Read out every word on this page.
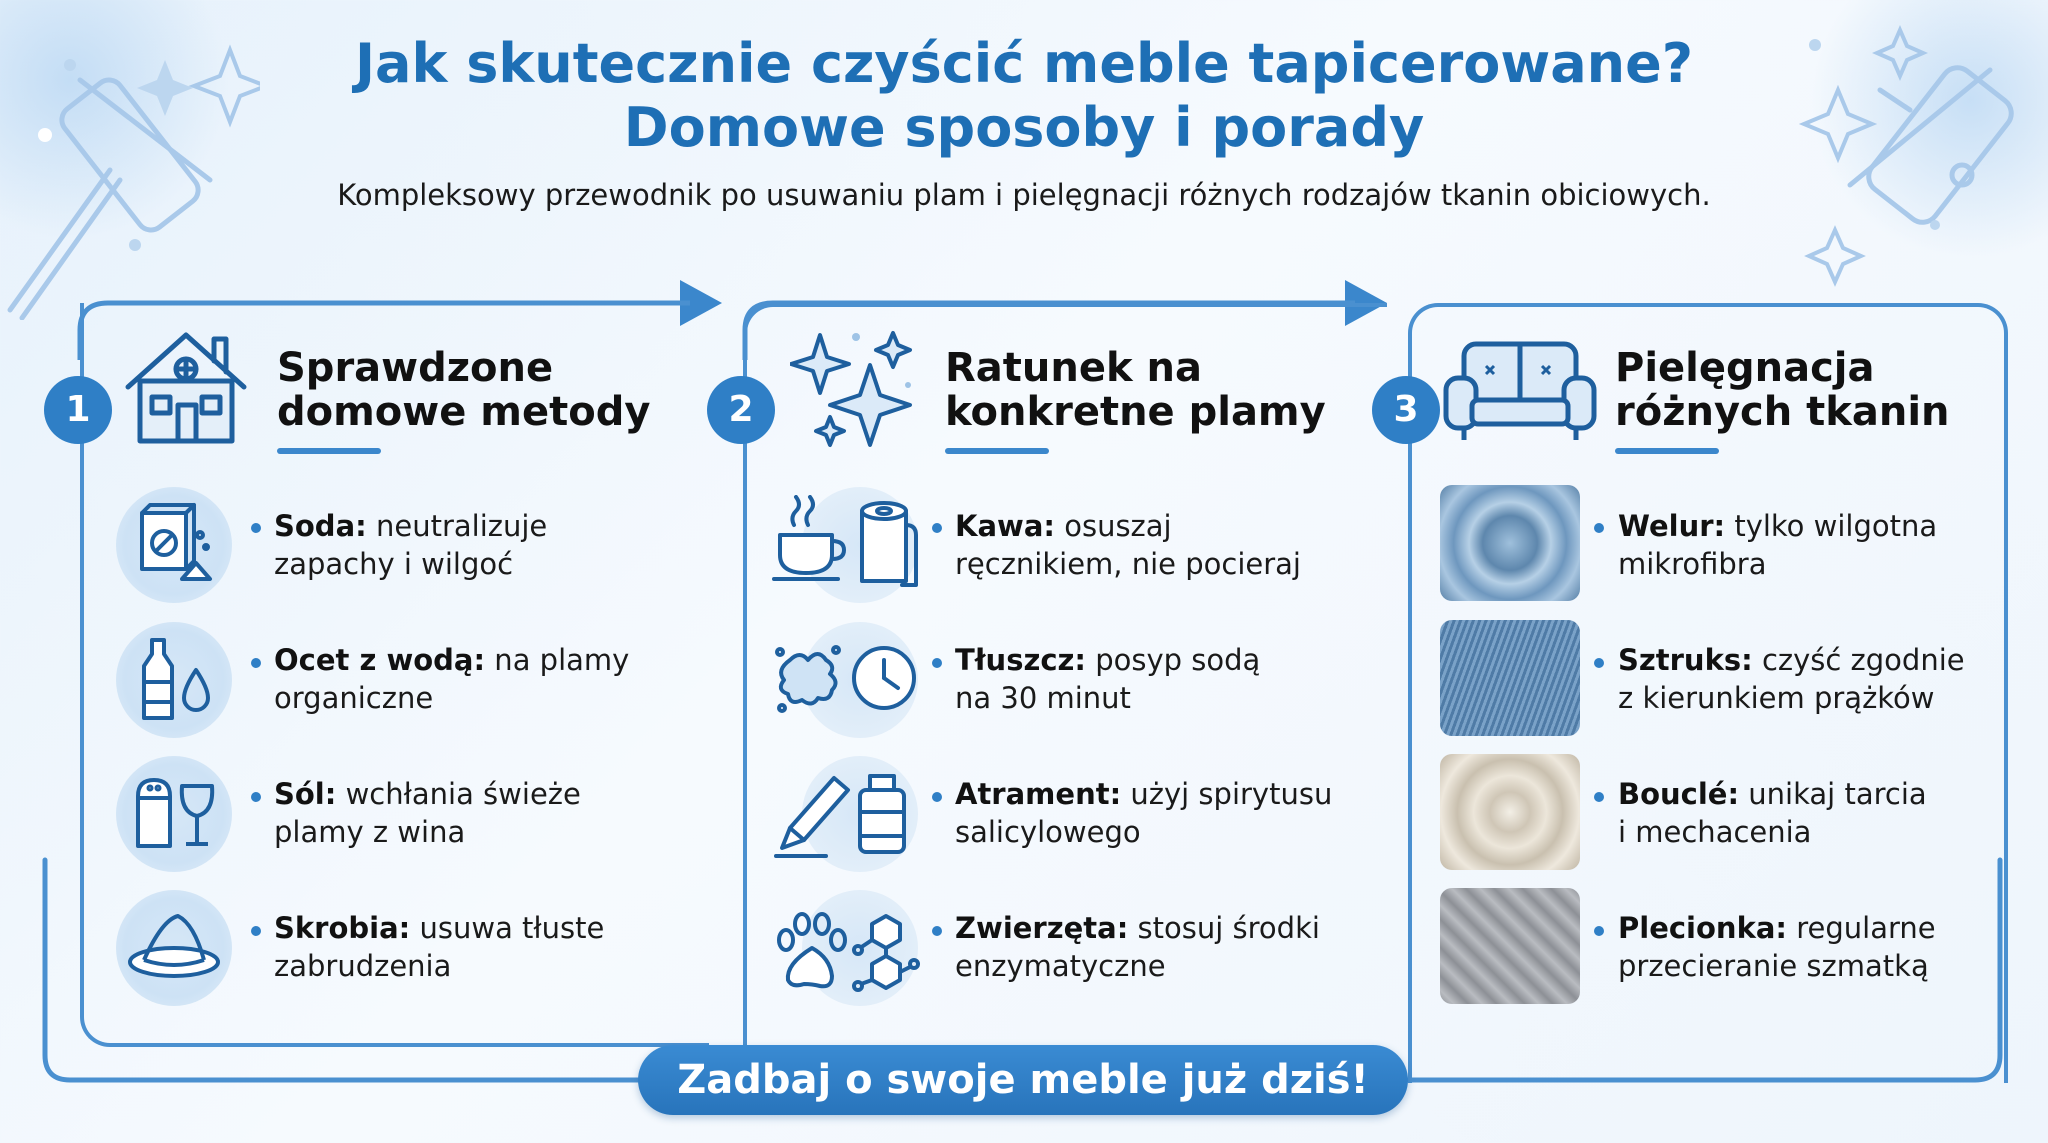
Jak skutecznie czyścić meble tapicerowane?
Domowe sposoby i porady
Kompleksowy przewodnik po usuwaniu plam i pielęgnacji różnych rodzajów tkanin obiciowych.
1
Sprawdzone
domowe metody
Soda: neutralizuje
zapachy i wilgoć
Ocet z wodą: na plamy
organiczne
Sól: wchłania świeże
plamy z wina
Skrobia: usuwa tłuste
zabrudzenia
2
Ratunek na
konkretne plamy
Kawa: osuszaj
ręcznikiem, nie pocieraj
Tłuszcz: posyp sodą
na 30 minut
Atrament: użyj spirytusu
salicylowego
Zwierzęta: stosuj środki
enzymatyczne
3
Pielęgnacja
różnych tkanin
Welur: tylko wilgotna
mikrofibra
Sztruks: czyść zgodnie
z kierunkiem prążków
Bouclé: unikaj tarcia
i mechacenia
Plecionka: regularne
przecieranie szmatką
Zadbaj o swoje meble już dziś!
